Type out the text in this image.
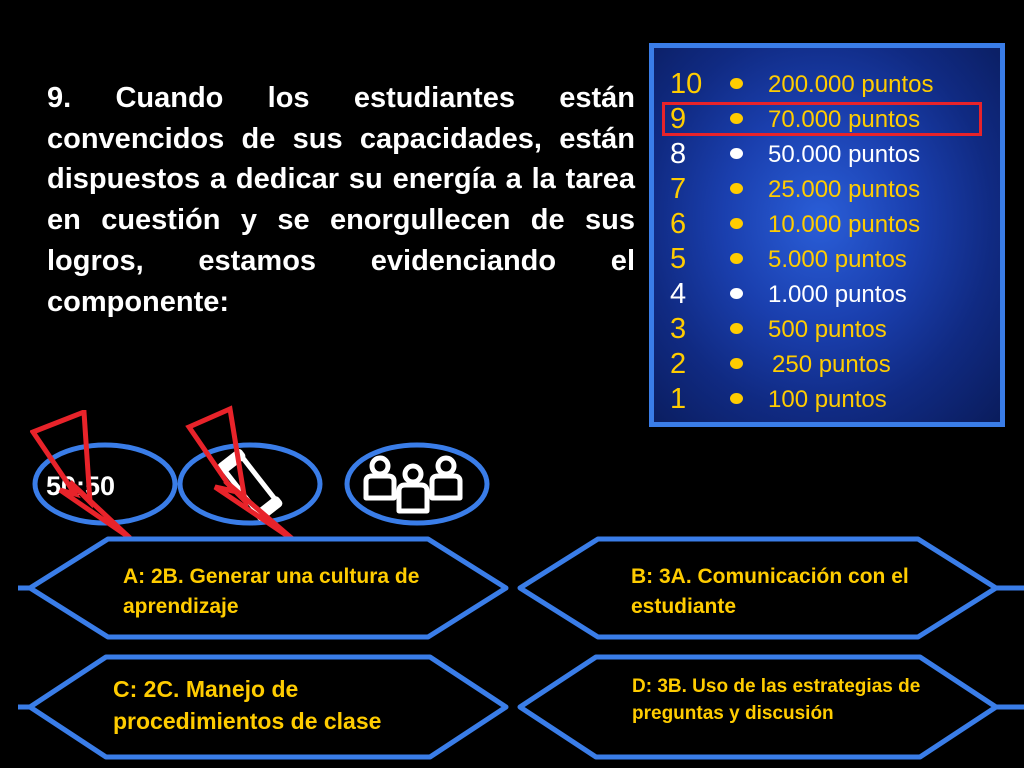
9. Cuando los estudiantes están convencidos de sus capacidades, están dispuestos a dedicar su energía a la tarea en cuestión y se enorgullecen de sus logros, estamos evidenciando el componente:
10	200.000 puntos
9	70.000 puntos
8	50.000 puntos
7	25.000 puntos
6	10.000 puntos
5	5.000 puntos
4	1.000 puntos
3	500 puntos
2	250 puntos
1	100 puntos
50:50
A: 2B. Generar una cultura de aprendizaje
B: 3A. Comunicación con el estudiante
C: 2C. Manejo de procedimientos de clase
D: 3B. Uso de las estrategias de preguntas y discusión
